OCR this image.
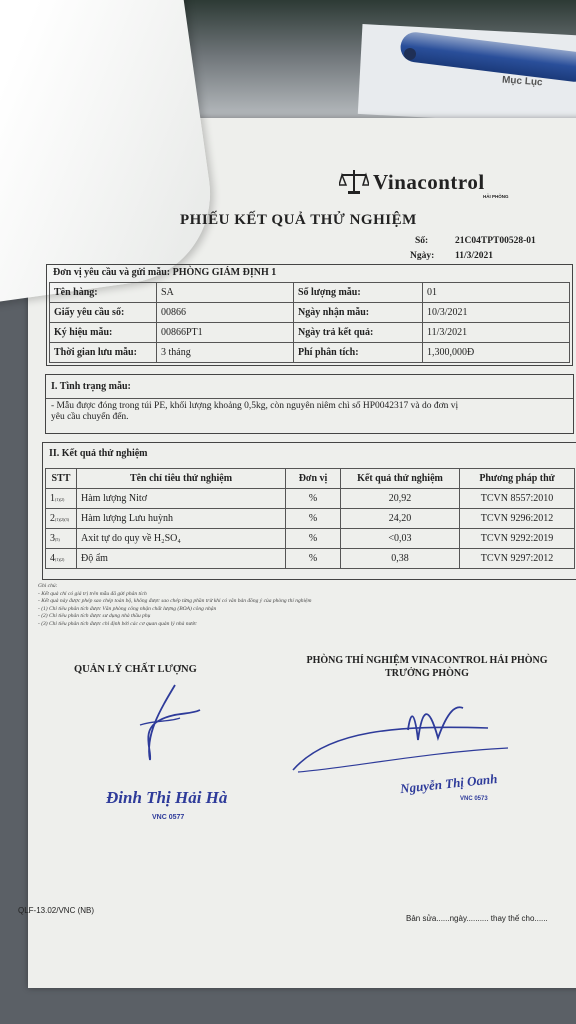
Mục Lục
Vinacontrol
HẢI PHÒNG
PHIẾU KẾT QUẢ THỬ NGHIỆM
Số:	21C04TPT00528-01
Ngày: 11/3/2021
Đơn vị yêu cầu và gửi mẫu: PHÒNG GIÁM ĐỊNH 1
Tên hàng:	SA	Số lượng mẫu:	01
Giấy yêu cầu số:	00866	Ngày nhận mẫu:	10/3/2021
Ký hiệu mẫu:	00866PT1	Ngày trả kết quả:	11/3/2021
Thời gian lưu mẫu:	3 tháng	Phí phân tích:	1,300,000Đ
I. Tình trạng mẫu:
- Mẫu được đóng trong túi PE, khối lượng khoảng 0,5kg, còn nguyên niêm chì số HP0042317 và do đơn vị
yêu cầu chuyển đến.
II. Kết quả thử nghiệm
STT	Tên chỉ tiêu thử nghiệm	Đơn vị	Kết quả thử nghiệm	Phương pháp thử
1(1)(2)	Hàm lượng Nitơ	%	20,92	TCVN 8557:2010
2(1)(2)(3)	Hàm lượng Lưu huỳnh	%	24,20	TCVN 9296:2012
3(5)	Axit tự do quy về H₂SO₄	%	<0,03	TCVN 9292:2019
4(1)(2)	Độ ẩm	%	0,38	TCVN 9297:2012
Ghi chú:
- Kết quả chỉ có giá trị trên mẫu đã gửi phân tích
- Kết quả này được phép sao chép toàn bộ, không được sao chép từng phần trừ khi có văn bản đồng ý của phòng thí nghiệm
- (1) Chỉ tiêu phân tích được Văn phòng công nhận chất lượng (BOA) công nhận
- (2) Chỉ tiêu phân tích được sư dụng nhà thầu phụ
- (3) Chỉ tiêu phân tích được chỉ định bởi các cơ quan quản lý nhà nước
QUẢN LÝ CHẤT LƯỢNG
PHÒNG THÍ NGHIỆM VINACONTROL HẢI PHÒNG
TRƯỞNG PHÒNG
Đinh Thị Hải Hà
VNC 0577
Nguyễn Thị Oanh
VNC 0573
QLF-13.02/VNC (NB)
Bản sửa......ngày.......... thay thế cho......
